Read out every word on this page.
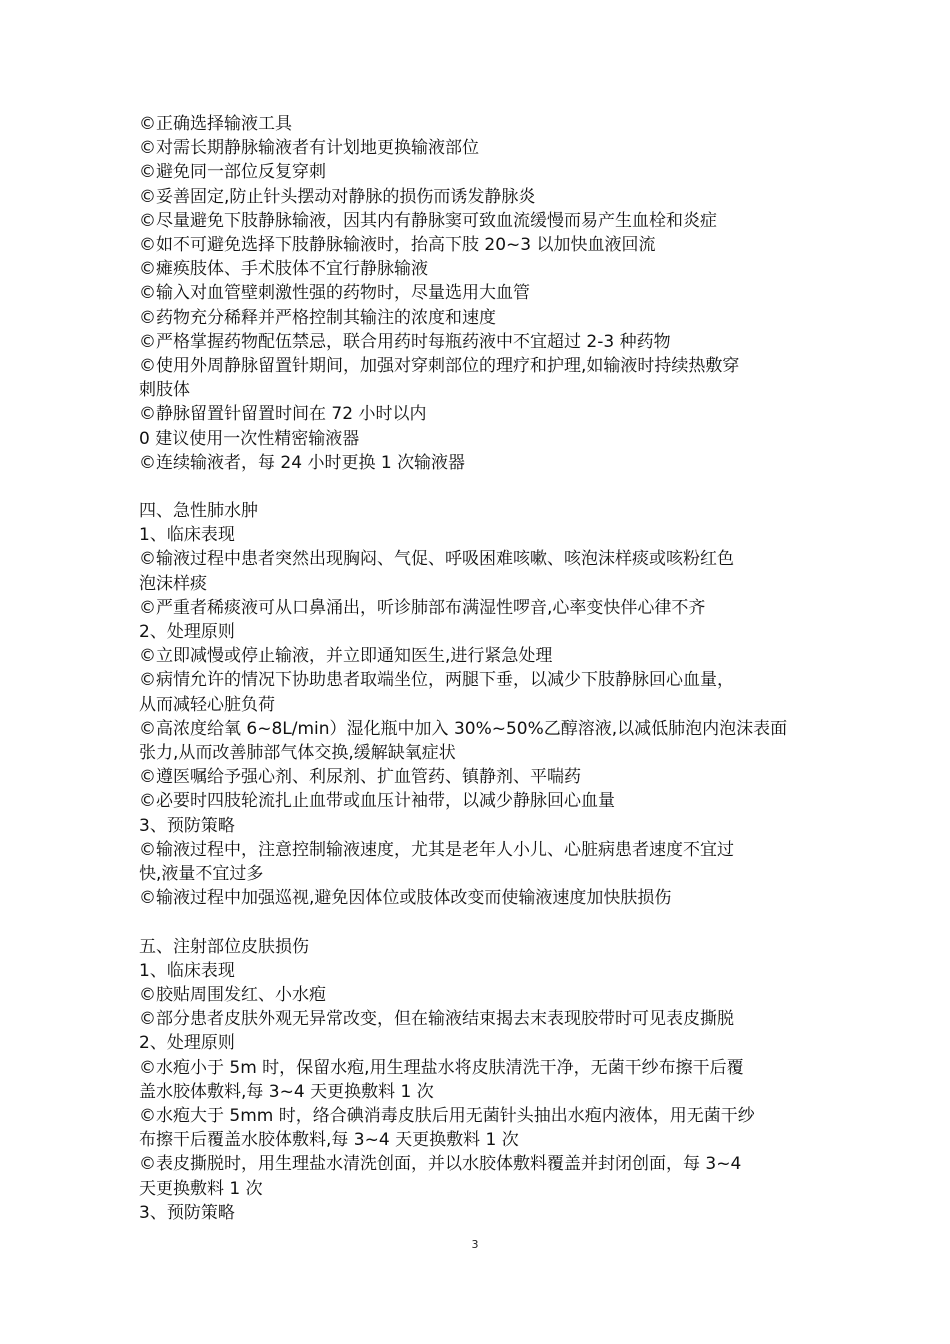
©正确选择输液工具

©对需长期静脉输液者有计划地更换输液部位

©避免同一部位反复穿刺

©妥善固定,防止针头摆动对静脉的损伤而诱发静脉炎

©尽量避免下肢静脉输液，因其内有静脉窦可致血流缓慢而易产生血栓和炎症

©如不可避免选择下肢静脉输液时，抬高下肢 20~3 以加快血液回流

©瘫痪肢体、手术肢体不宜行静脉输液

©输入对血管壁刺激性强的药物时，尽量选用大血管

©药物充分稀释并严格控制其输注的浓度和速度

©严格掌握药物配伍禁忌，联合用药时每瓶药液中不宜超过 2-3 种药物

©使用外周静脉留置针期间，加强对穿刺部位的理疗和护理,如输液时持续热敷穿

刺肢体

©静脉留置针留置时间在 72 小时以内

0 建议使用一次性精密输液器

©连续输液者，每 24 小时更换 1 次输液器

四、急性肺水肿

1、临床表现

©输液过程中患者突然出现胸闷、气促、呼吸困难咳嗽、咳泡沫样痰或咳粉红色

泡沫样痰

©严重者稀痰液可从口鼻涌出，听诊肺部布满湿性啰音,心率变快伴心律不齐

2、处理原则

©立即减慢或停止输液，并立即通知医生,进行紧急处理

©病情允许的情况下协助患者取端坐位，两腿下垂，以减少下肢静脉回心血量，

从而减轻心脏负荷

©高浓度给氧 6~8L/min）湿化瓶中加入 30%~50%乙醇溶液,以减低肺泡内泡沫表面

张力,从而改善肺部气体交换,缓解缺氧症状

©遵医嘱给予强心剂、利尿剂、扩血管药、镇静剂、平喘药

©必要时四肢轮流扎止血带或血压计袖带，以减少静脉回心血量

3、预防策略

©输液过程中，注意控制输液速度，尤其是老年人小儿、心脏病患者速度不宜过

快,液量不宜过多

©输液过程中加强巡视,避免因体位或肢体改变而使输液速度加快肤损伤

五、注射部位皮肤损伤

1、临床表现

©胶贴周围发红、小水疱

©部分患者皮肤外观无异常改变，但在输液结束揭去末表现胶带时可见表皮撕脱

2、处理原则

©水疱小于 5m 时，保留水疱,用生理盐水将皮肤清洗干净，无菌干纱布擦干后覆

盖水胶体敷料,每 3~4 天更换敷料 1 次

©水疱大于 5mm 时，络合碘消毒皮肤后用无菌针头抽出水疱内液体，用无菌干纱

布擦干后覆盖水胶体敷料,每 3~4 天更换敷料 1 次

©表皮撕脱时，用生理盐水清洗创面，并以水胶体敷料覆盖并封闭创面，每 3~4

天更换敷料 1 次

3、预防策略

3
